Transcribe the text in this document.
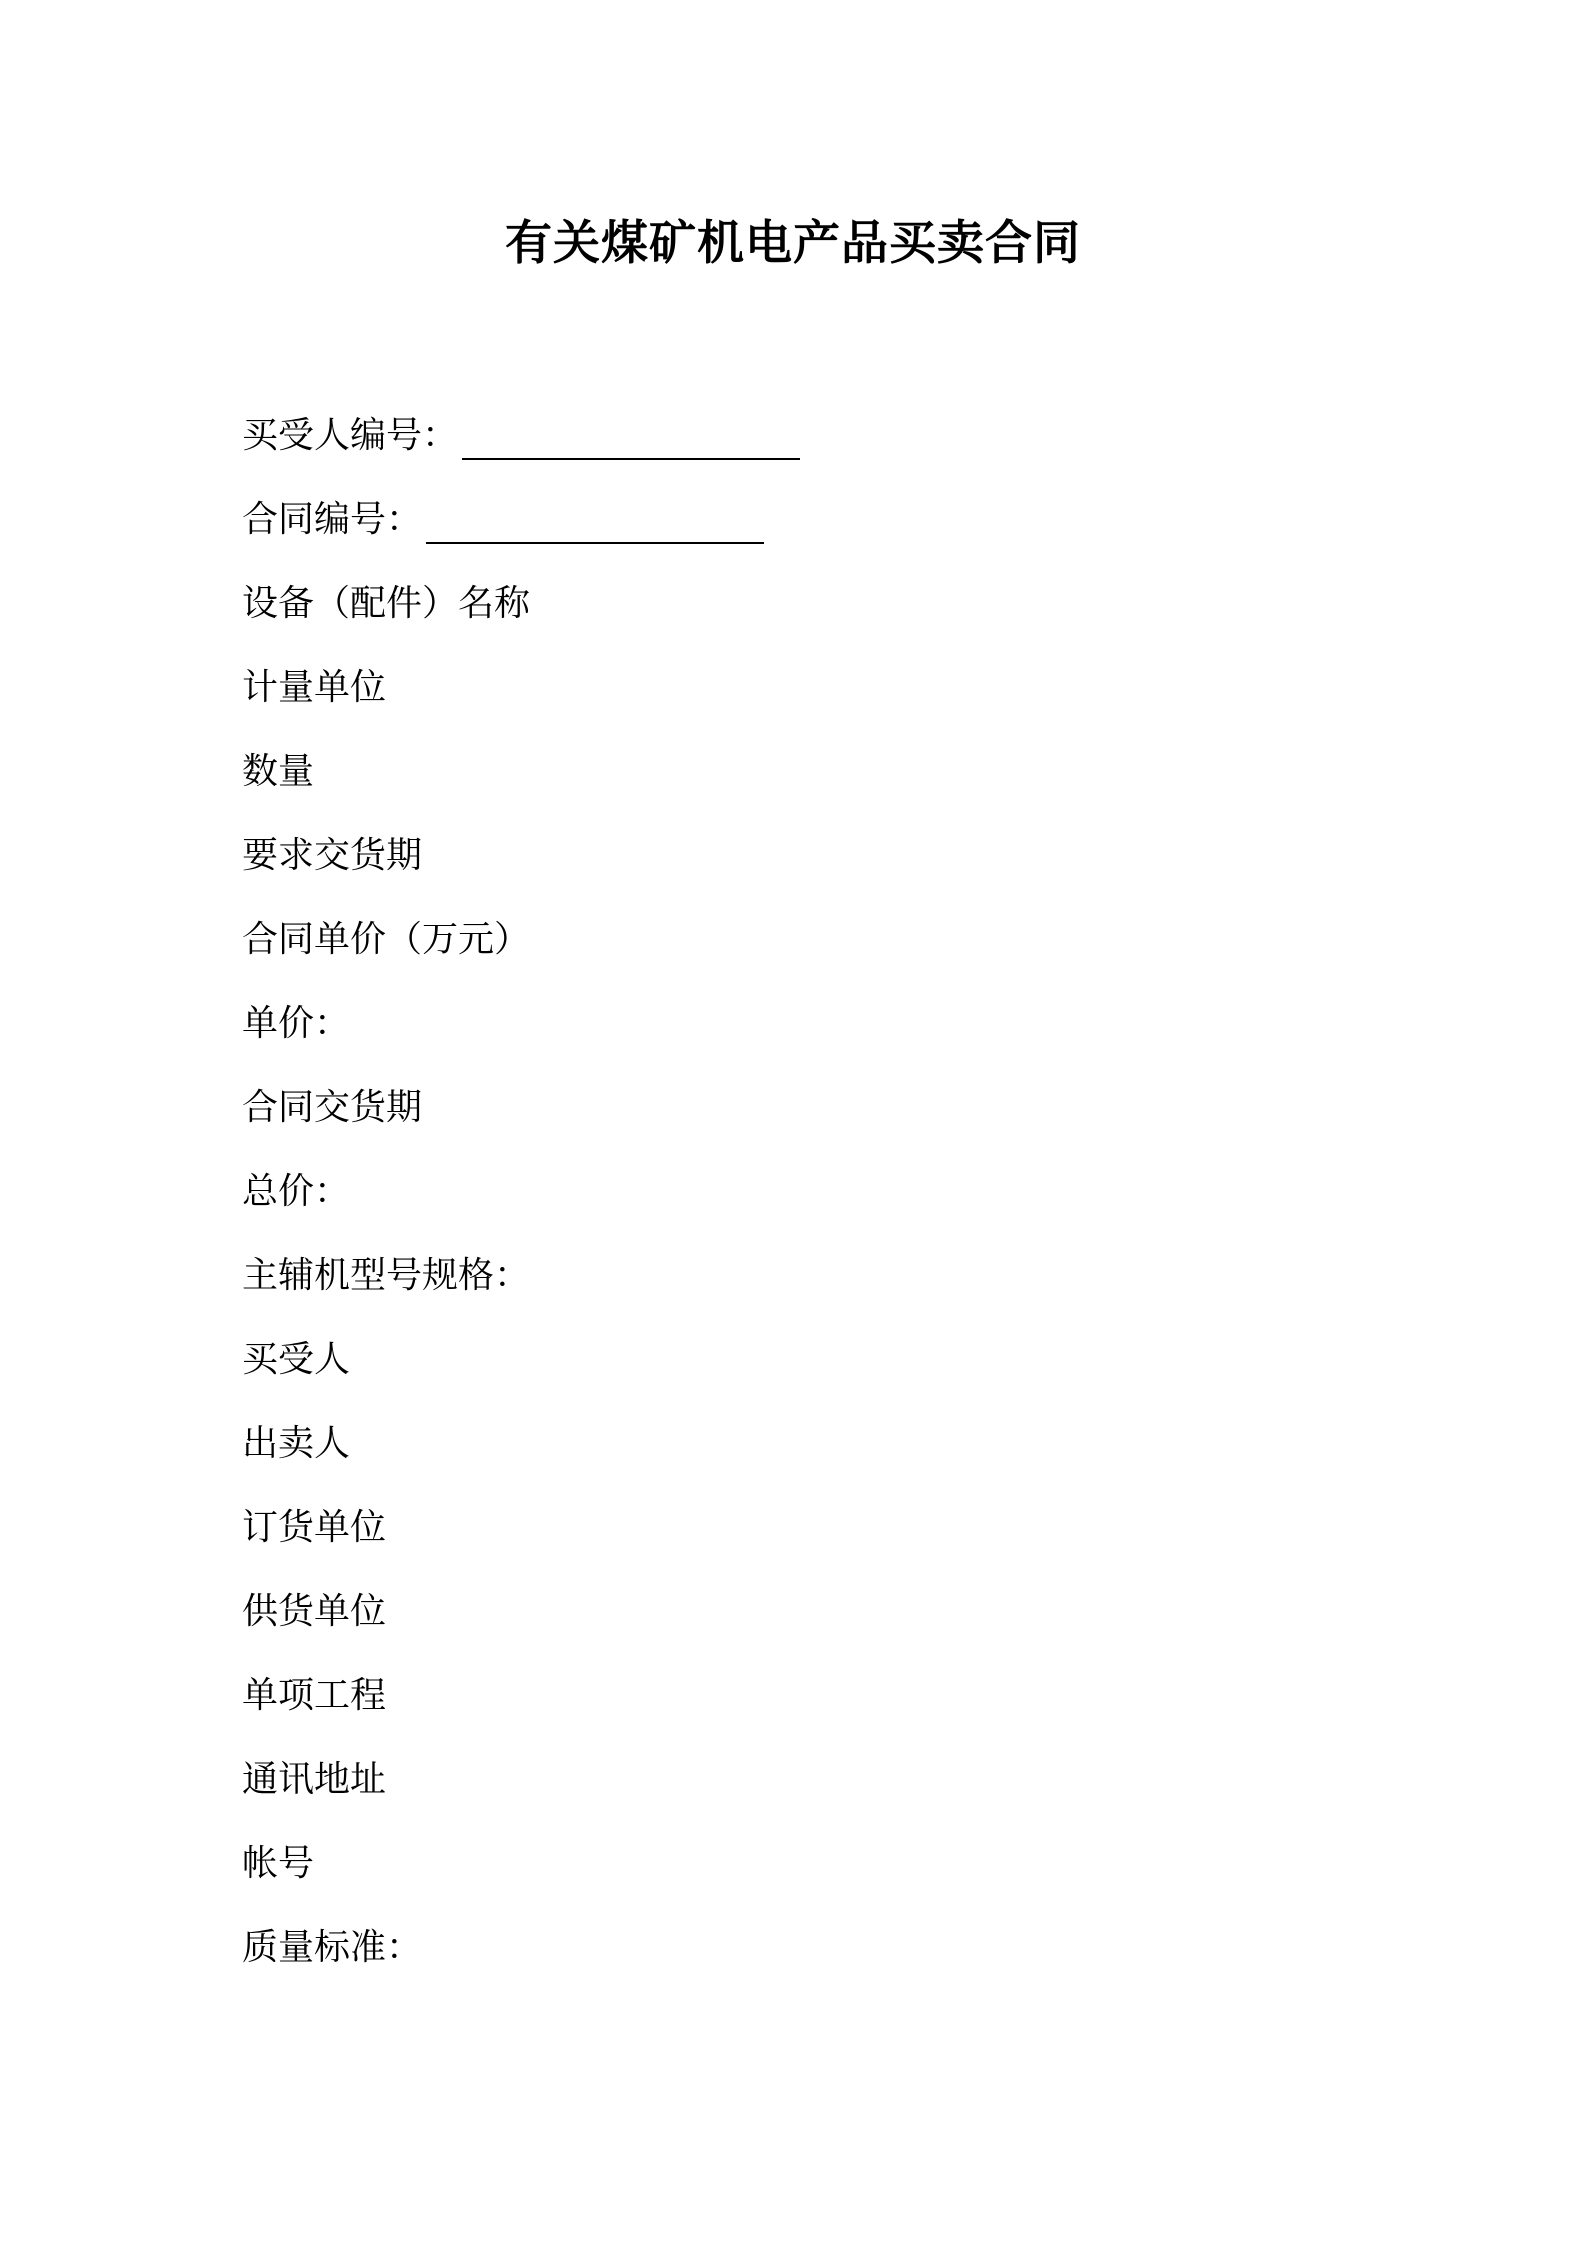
有关煤矿机电产品买卖合同
买受人编号：
合同编号：
设备（配件）名称
计量单位
数量
要求交货期
合同单价（万元）
单价：
合同交货期
总价：
主辅机型号规格：
买受人
出卖人
订货单位
供货单位
单项工程
通讯地址
帐号
质量标准：
